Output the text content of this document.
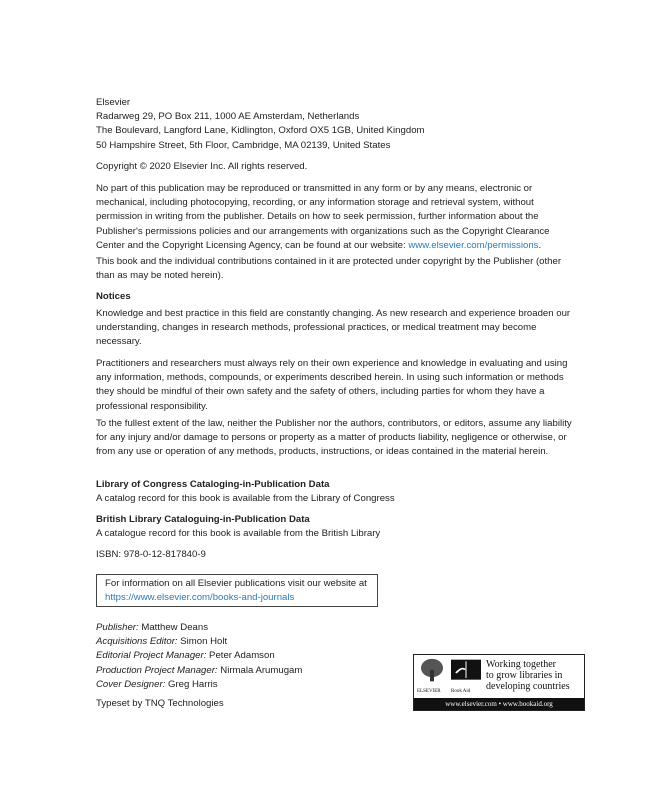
Elsevier

Radarweg 29, PO Box 211, 1000 AE Amsterdam, Netherlands

The Boulevard, Langford Lane, Kidlington, Oxford OX5 1GB, United Kingdom

50 Hampshire Street, 5th Floor, Cambridge, MA 02139, United States

Copyright © 2020 Elsevier Inc. All rights reserved.

No part of this publication may be reproduced or transmitted in any form or by any means, electronic or mechanical, including photocopying, recording, or any information storage and retrieval system, without permission in writing from the publisher. Details on how to seek permission, further information about the Publisher's permissions policies and our arrangements with organizations such as the Copyright Clearance Center and the Copyright Licensing Agency, can be found at our website: www.elsevier.com/permissions.

This book and the individual contributions contained in it are protected under copyright by the Publisher (other than as may be noted herein).

Notices

Knowledge and best practice in this field are constantly changing. As new research and experience broaden our understanding, changes in research methods, professional practices, or medical treatment may become necessary.

Practitioners and researchers must always rely on their own experience and knowledge in evaluating and using any information, methods, compounds, or experiments described herein. In using such information or methods they should be mindful of their own safety and the safety of others, including parties for whom they have a professional responsibility.

To the fullest extent of the law, neither the Publisher nor the authors, contributors, or editors, assume any liability for any injury and/or damage to persons or property as a matter of products liability, negligence or otherwise, or from any use or operation of any methods, products, instructions, or ideas contained in the material herein.

Library of Congress Cataloging-in-Publication Data

A catalog record for this book is available from the Library of Congress

British Library Cataloguing-in-Publication Data

A catalogue record for this book is available from the British Library

ISBN: 978-0-12-817840-9

For information on all Elsevier publications visit our website at https://www.elsevier.com/books-and-journals

Publisher: Matthew Deans

Acquisitions Editor: Simon Holt

Editorial Project Manager: Peter Adamson

Production Project Manager: Nirmala Arumugam

Cover Designer: Greg Harris

Typeset by TNQ Technologies

ELSEVIER Book Aid
Working together
to grow libraries in
developing countries
www.elsevier.com • www.bookaid.org
